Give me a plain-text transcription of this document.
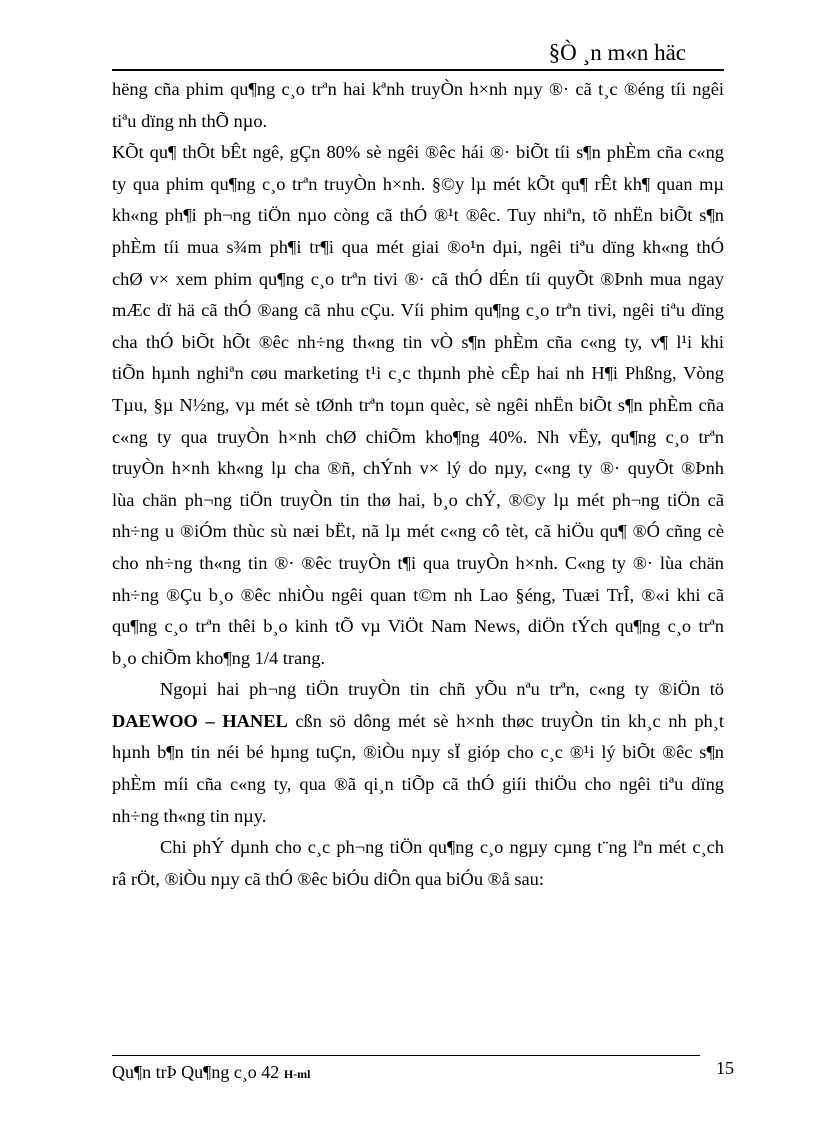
§Ò ¸n m«n häc

hëng cña phim qu¶ng c¸o trªn hai kªnh truyÒn h×nh nµy ®· cã t¸c ®éng tíi ngêi
tiªu dïng nh thÕ nµo.

KÕt qu¶ thÕt bÊt ngê, gÇn 80% sè ngêi ®êc hái ®· biÕt tíi s¶n phÈm cña c«ng
ty qua phim qu¶ng c¸o trªn truyÒn h×nh. §©y lµ mét kÕt qu¶ rÊt kh¶ quan mµ
kh«ng ph¶i ph¬ng tiÖn nµo còng cã thÓ ®¹t ®êc. Tuy nhiªn, tõ nhËn biÕt s¶n
phÈm tíi mua s¾m ph¶i tr¶i qua mét giai ®o¹n dµi, ngêi tiªu dïng kh«ng thÓ
chØ v× xem phim qu¶ng c¸o trªn tivi ®· cã thÓ dÉn tíi quyÕt ®Þnh mua ngay
mÆc dï hä cã thÓ ®ang cã nhu cÇu. Víi phim qu¶ng c¸o trªn tivi, ngêi tiªu dïng
cha thÓ biÕt hÕt ®êc nh÷ng th«ng tin vÒ s¶n phÈm cña c«ng ty, v¶ l¹i khi
tiÕn hµnh nghiªn cøu marketing t¹i c¸c thµnh phè cÊp hai nh H¶i Phßng, Vòng
Tµu, §µ N½ng, vµ mét sè tØnh trªn toµn quèc, sè ngêi nhËn biÕt s¶n phÈm cña
c«ng ty qua truyÒn h×nh chØ chiÕm kho¶ng 40%. Nh vËy, qu¶ng c¸o trªn
truyÒn h×nh kh«ng lµ cha ®ñ, chÝnh v× lý do nµy, c«ng ty ®· quyÕt ®Þnh
lùa chän ph¬ng tiÖn truyÒn tin thø hai, b¸o chÝ, ®©y lµ mét ph¬ng tiÖn cã
nh÷ng u ®iÓm thùc sù næi bËt, nã lµ mét c«ng cô tèt, cã hiÖu qu¶ ®Ó cñng cè
cho nh÷ng th«ng tin ®· ®êc truyÒn t¶i qua truyÒn h×nh. C«ng ty ®· lùa chän
nh÷ng ®Çu b¸o ®êc nhiÒu ngêi quan t©m nh Lao §éng, Tuæi TrÎ, ®«i khi cã
qu¶ng c¸o trªn thêi b¸o kinh tÕ vµ ViÖt Nam News, diÖn tÝch qu¶ng c¸o trªn
b¸o chiÕm kho¶ng 1/4 trang.

Ngoµi hai ph¬ng tiÖn truyÒn tin chñ yÕu nªu trªn, c«ng ty ®iÖn tö
DAEWOO – HANEL cßn sö dông mét sè h×nh thøc truyÒn tin kh¸c nh ph¸t
hµnh b¶n tin néi bé hµng tuÇn, ®iÒu nµy sÏ gióp cho c¸c ®¹i lý biÕt ®êc s¶n
phÈm míi cña c«ng ty, qua ®ã qi¸n tiÕp cã thÓ giíi thiÖu cho ngêi tiªu dïng
nh÷ng th«ng tin nµy.

Chi phÝ dµnh cho c¸c ph¬ng tiÖn qu¶ng c¸o ngµy cµng t¨ng lªn mét c¸ch
râ rÖt, ®iÒu nµy cã thÓ ®êc biÓu diÔn qua biÓu ®å sau:

Qu¶n trÞ Qu¶ng c¸o 42 H-ml	15
